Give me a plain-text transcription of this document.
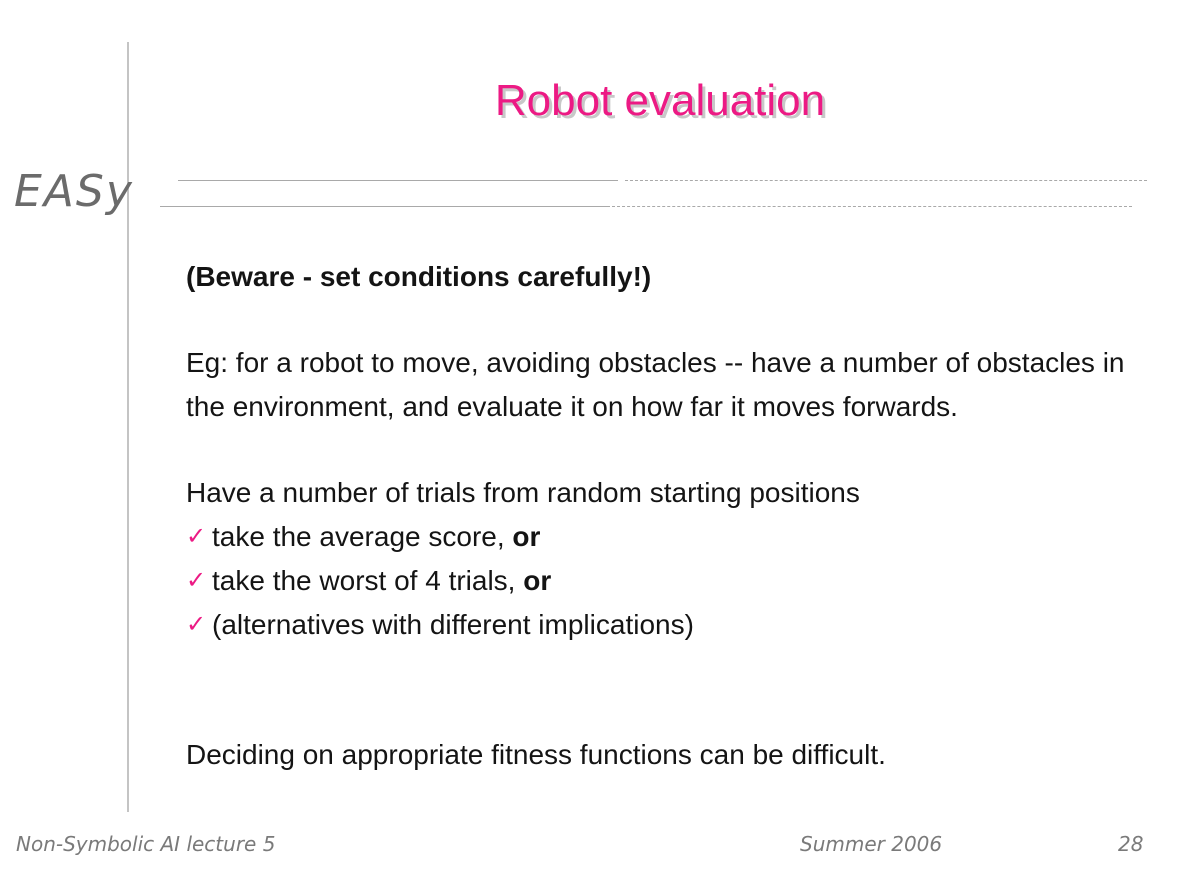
EASy
Robot evaluation

(Beware - set conditions carefully!)

Eg: for a robot to move, avoiding obstacles -- have a number of obstacles in the environment, and evaluate it on how far it moves forwards.

Have a number of trials from random starting positions

✓ take the average score, or
✓ take the worst of 4 trials, or
✓ (alternatives with different implications)

Deciding on appropriate fitness functions can be difficult.

Non-Symbolic AI lecture 5	Summer 2006	28
